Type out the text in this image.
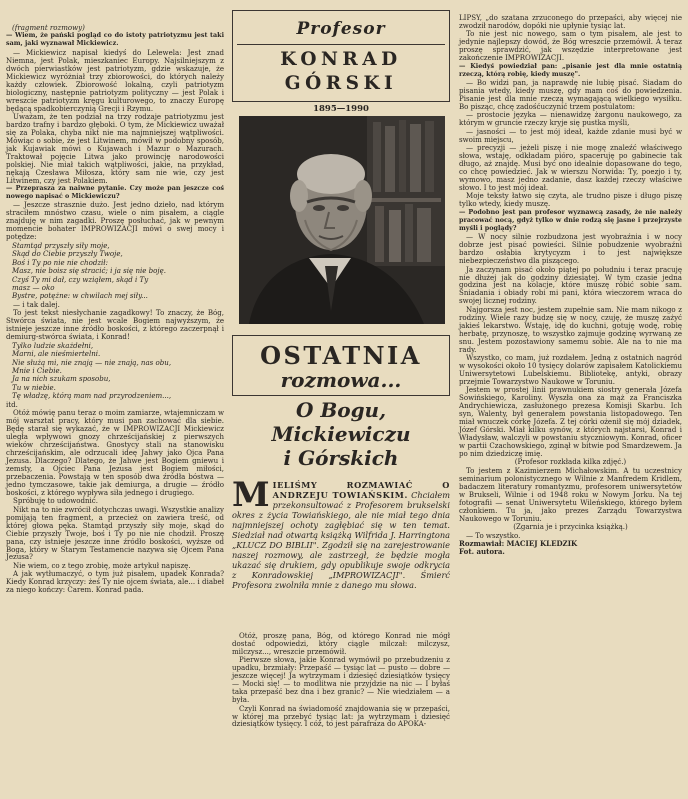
(fragment rozmowy)

— Wiem, że pański pogląd co do istoty patriotyzmu jest taki sam, jaki wyznawał Mickiewicz.

— Mickiewicz napisał kiedyś do Lelewela: Jest znad Niemna, jest Polak, mieszkaniec Europy. Najsilniejszym z dwóch pierwiastków jest patriotyzm, gdzie wskazuje, że Mickiewicz wyróżniał trzy zbiorowości, do których należy każdy człowiek. Zbiorowość lokalną, czyli patriotyzm biologiczny, następnie patriotyzm polityczny — jest Polak i wreszcie patriotyzm kręgu kulturowego, to znaczy Europę będącą spadkobierczynią Grecji i Rzymu.

Uważam, że ten podział na trzy rodzaje patriotyzmu jest bardzo trafny i bardzo głęboki. O tym, że Mickiewicz uważał się za Polaka, chyba nikt nie ma najmniejszej wątpliwości. Mówiąc o sobie, że jest Litwinem, mówił w podobny sposób, jak Kujawiak mówi o Kujawach i Mazur o Mazurach. Traktował pojęcie Litwa jako prowincję narodowości polskiej. Nie miał takich wątpliwości, jakie, na przykład, nękają Czesława Miłosza, który sam nie wie, czy jest Litwinem, czy jest Polakiem.

— Przeprasza za naiwne pytanie. Czy może pan jeszcze coś nowego napisać o Mickiewiczu?

— Jeszcze strasznie dużo. Jest jedno dzieło, nad którym straciłem mnóstwo czasu, wiele o nim pisałem, a ciągle znajduję w nim zagadki. Proszę posłuchać, jak w pewnym momencie bohater IMPROWIZACJI mówi o swej mocy i potędze:

Stamtąd przyszły siły moje,

Skąd do Ciebie przyszły Twoje,

Boś i Ty po nie nie chodził:

Masz, nie boisz się stracić; i ja się nie boję.

Czyś Ty mi dał, czy wziąłem, skąd i Ty

masz — oko

Bystre, potężne: w chwilach mej siły...

— i tak dalej.

To jest tekst niesłychanie zagadkowy! To znaczy, że Bóg, Stwórca świata, nie jest wcale Bogiem najwyższym, że istnieje jeszcze inne źródło boskości, z którego zaczerpnął i demiurg-stwórca świata, i Konrad!

Tylko ludzie skażdełni,

Marni, ale nieśmiertelni.

Nie służą mi, nie znają — nie znają, nas obu,

Mnie i Ciebie.

Ja na nich szukam sposobu,

Tu w niebie.

Tę władzę, którą mam nad przyrodzeniem...,

itd.

Otóż mówię panu teraz o moim zamiarze, wtajemniczam w mój warsztat pracy, który musi pan zachować dla siebie. Będę starał się wykazać, że w IMPROWIZACJI Mickiewicz uległa wpływowi gnozy chrześcijańskiej z pierwszych wieków chrześcijaństwa. Gnostycy stali na stanowisku chrześcijańskim, ale odrzucali ideę Jahwy jako Ojca Pana Jezusa. Dlaczego? Dlatego, że Jahwe jest Bogiem gniewu i zemsty, a Ojciec Pana Jezusa jest Bogiem miłości, przebaczenia. Powstają w ten sposób dwa źródła bóstwa — jedno tymczasowe, takie jak demiurga, a drugie — źródło boskości, z którego wypływa siła jednego i drugiego.

Spróbuję to udowodnić.

Nikt na to nie zwrócił dotychczas uwagi. Wszystkie analizy pomijają ten fragment, a przecież on zawiera treść, od której głowa pęka. Stamtąd przyszły siły moje, skąd do Ciebie przyszły Twoje, boś i Ty po nie nie chodził. Proszę pana, czy istnieje jeszcze inne źródło boskości, wyższe od Boga, który w Starym Testamencie nazywa się Ojcem Pana Jezusa?

Nie wiem, co z tego zrobię, może artykuł napiszę.

A jak wytłumaczyć, o tym już pisałem, upadek Konrada? Kiedy Konrad krzyczy: żeś Ty nie ojcem świata, ale... i diabeł za niego kończy: Carem. Konrad pada.

Profesor
KONRAD
GÓRSKI
1895—1990
OSTATNIA
rozmowa...
O Bogu,
Mickiewiczu
i Górskich
M IELIŚMY ROZMAWIAĆ O ANDRZEJU TOWIAŃSKIM. Chciałem przekonsultować z Profesorem brukselski okres z życia Towiańskiego, ale nie miał tego dnia najmniejszej ochoty zagłębiać się w ten temat. Siedział nad otwartą książką Wilfrida J. Harringtona „KLUCZ DO BIBLII". Zgodził się na zarejestrowanie naszej rozmowy, ale zastrzegł, że będzie mogła ukazać się drukiem, gdy opublikuje swoje odkrycia z Konradowskiej „IMPROWIZACJI". Śmierć Profesora zwolniła mnie z danego mu słowa.

Otóż, proszę pana, Bóg, od którego Konrad nie mógł dostać odpowiedzi, który ciągle milczał: milczysz, milczysz..., wreszcie przemówił.

Pierwsze słowa, jakie Konrad wymówił po przebudzeniu z upadku, brzmiały: Przepaść — tysiąc lat — pusto — dobre — jeszcze więcej! Ja wytrzymam i dziesięć dziesiątków tysięcy — Mocki się! — to modlitwa nie przyjdzie na nic — I byłaś taka przepaść bez dna i bez granic? — Nie wiedziałem — a była.

Czyli Konrad na świadomość znajdowania się w przepaści, w której ma przebyć tysiąc lat: ja wytrzymam i dziesięć dziesiątków tysięcy. I cóż, to jest parafraza do APOKA-

LIPSY, „do szatana zrzuconego do przepaści, aby więcej nie zwodził narodów, dopóki nie upłynie tysiąc lat.

To nie jest nic nowego, sam o tym pisałem, ale jest to jedynie najlepszy dowód, że Bóg wreszcie przemówił. A teraz proszę sprawdzić, jak wszędzie interpretowane jest zakończenie IMPROWIZACJI.

— Kiedyś powiedział pan: „pisanie jest dla mnie ostatnią rzeczą, którą robię, kiedy muszę".

— Bo widzi pan, ja naprawdę nie lubię pisać. Siadam do pisania wtedy, kiedy muszę, gdy mam coś do powiedzenia. Pisanie jest dla mnie rzeczą wymagającą wielkiego wysiłku. Bo pisząc, chcę zadośćuczynić trzem postulatom:

— prostocie języka — nienawidzę żargonu naukowego, za którym w gruncie rzeczy kryje się pustka myśli,

— jasności — to jest mój ideał, każde zdanie musi być w swoim miejscu,

— precyzji — jeżeli piszę i nie mogę znaleźć właściwego słowa, wstaję, odkładam pióro, spaceruję po gabinecie tak długo, aż znajdę. Musi być ono idealnie dopasowane do tego, co chcę powiedzieć. Jak w wierszu Norwida: Ty, poezjo i ty, wymowo, masz jedno zadanie, dasz każdej rzeczy właściwe słowo. I to jest mój ideał.

Moje teksty łatwo się czyta, ale trudno pisze i długo piszę tylko wtedy, kiedy muszę.

— Podobno jest pan profesor wyznawcą zasady, że nie należy pracować nocą, gdyż tylko w dnie rodzą się jasne i przejrzyste myśli i poglądy?

— W nocy silnie rozbudzona jest wyobraźnia i w nocy dobrze jest pisać powieści. Silnie pobudzenie wyobraźni bardzo osłabia krytycyzm i to jest największe niebezpieczeństwo dla piszącego.

Ja zaczynam pisać około piątej po południu i teraz pracuję nie dłużej jak do godziny dziesiątej. W tym czasie jedna godzina jest na kolacje, które muszę robić sobie sam. Śniadania i obiady robi mi pani, która wieczorem wraca do swojej licznej rodziny.

Najgorsza jest noc, jestem zupełnie sam. Nie mam nikogo z rodziny. Wiele razy budzę się w nocy, czuję, że muszę zażyć jakieś lekarstwo. Wstaję, idę do kuchni, gotuję wodę, robię herbatę, przynoszę, to wszystko zajmuje godzinę wyrwaną ze snu. Jestem pozostawiony samemu sobie. Ale na to nie ma rady.

Wszystko, co mam, już rozdałem. Jedną z ostatnich nagród w wysokości około 10 tysięcy dolarów zapisałem Katolickiemu Uniwersytetowi Lubelskiemu. Bibliotekę, antyki, obrazy przejmie Towarzystwo Naukowe w Toruniu.

Jestem w prostej linii prawnukiem siostry generała Józefa Sowińskiego, Karoliny. Wyszła ona za mąż za Franciszka Andrychiewicza, zasłużonego prezesa Komisji Skarbu. Ich syn, Walenty, był generałem powstania listopadowego. Ten miał wnuczek córkę Józefa. Z tej córki ożenił się mój dziadek, Józef Górski. Miał kilku synów, z których najstarsi, Konrad i Władysław, walczyli w powstaniu styczniowym. Konrad, oficer w partii Czachowskiego, zginął w bitwie pod Smardzewem. Ja po nim dziedziczę imię.

(Profesor rozkłada kilka zdjęć.)

To jestem z Kazimierzem Michałowskim. A tu uczestnicy seminarium polonistycznego w Wilnie z Manfredem Kridlem, badaczem literatury romantyzmu, profesorem uniwersytetów w Brukseli, Wilnie i od 1948 roku w Nowym Jorku. Na tej fotografii — senat Uniwersytetu Wileńskiego, którego byłem członkiem. Tu ja, jako prezes Zarządu Towarzystwa Naukowego w Toruniu.

(Zgarnia je i przycinka książką.)

— To wszystko.

Rozmawiał: MACIEJ KLEDZIK

Fot. autora.
